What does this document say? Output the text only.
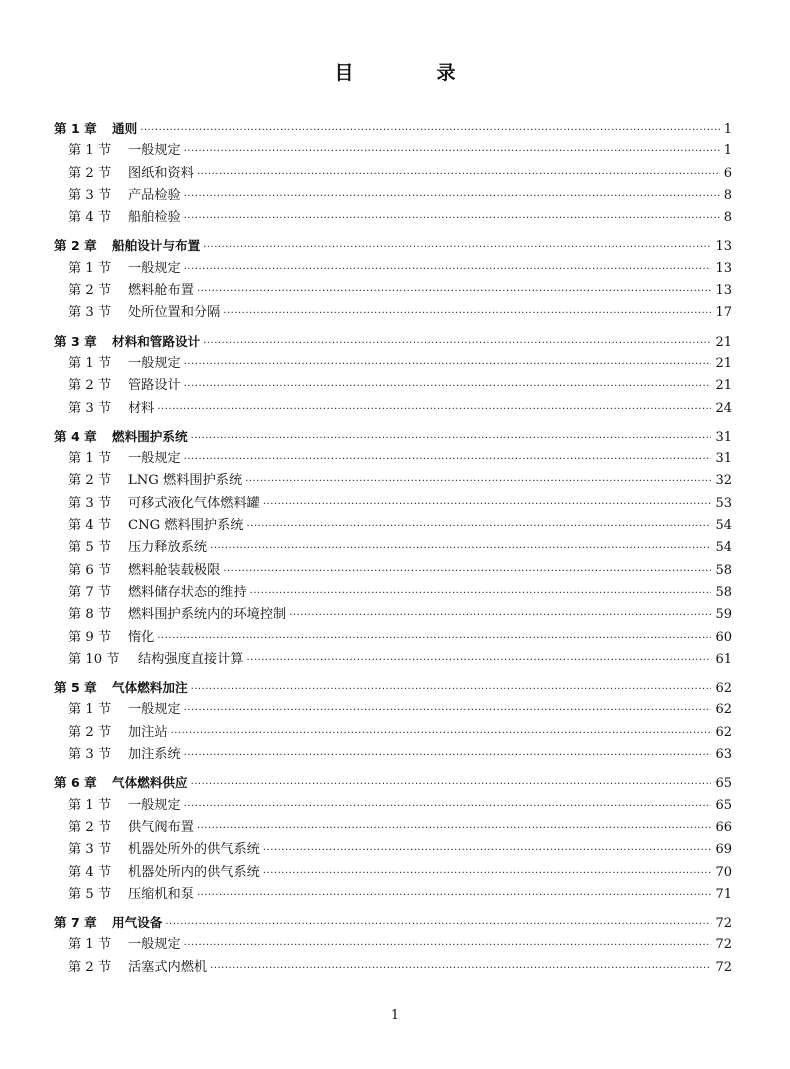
目　录
第 1 章	通则 ·····	1
第 1 节	一般规定 ·····	1
第 2 节	图纸和资料 ·····	6
第 3 节	产品检验 ·····	8
第 4 节	船舶检验 ·····	8
第 2 章	船舶设计与布置 ·····	13
第 1 节	一般规定 ·····	13
第 2 节	燃料舱布置 ·····	13
第 3 节	处所位置和分隔 ·····	17
第 3 章	材料和管路设计 ·····	21
第 1 节	一般规定 ·····	21
第 2 节	管路设计 ·····	21
第 3 节	材料 ·····	24
第 4 章	燃料围护系统 ·····	31
第 1 节	一般规定 ·····	31
第 2 节	LNG 燃料围护系统 ·····	32
第 3 节	可移式液化气体燃料罐 ·····	53
第 4 节	CNG 燃料围护系统 ·····	54
第 5 节	压力释放系统 ·····	54
第 6 节	燃料舱装载极限 ·····	58
第 7 节	燃料储存状态的维持 ·····	58
第 8 节	燃料围护系统内的环境控制 ·····	59
第 9 节	惰化 ·····	60
第 10 节	结构强度直接计算 ·····	61
第 5 章	气体燃料加注 ·····	62
第 1 节	一般规定 ·····	62
第 2 节	加注站 ·····	62
第 3 节	加注系统 ·····	63
第 6 章	气体燃料供应 ·····	65
第 1 节	一般规定 ·····	65
第 2 节	供气阀布置 ·····	66
第 3 节	机器处所外的供气系统 ·····	69
第 4 节	机器处所内的供气系统 ·····	70
第 5 节	压缩机和泵 ·····	71
第 7 章	用气设备 ·····	72
第 1 节	一般规定 ·····	72
第 2 节	活塞式内燃机 ·····	72
1
